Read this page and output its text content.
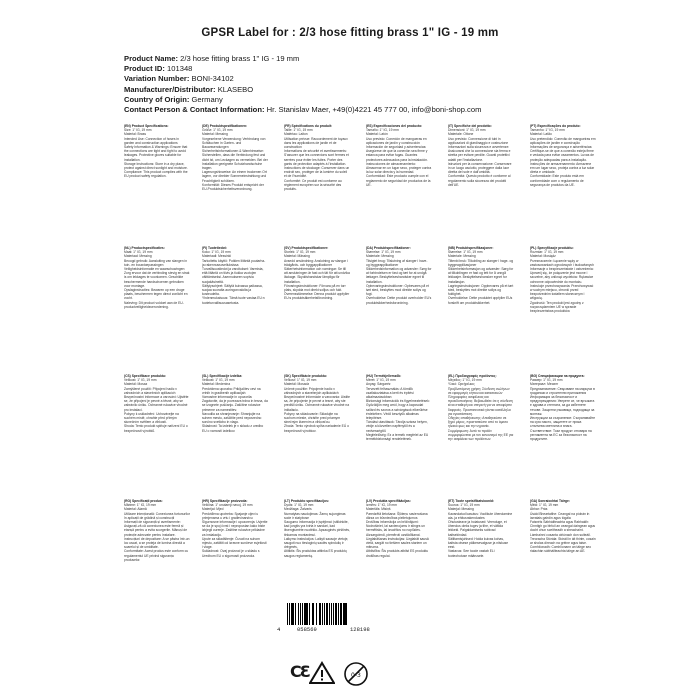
GPSR Label for : 2/3 hose fitting brass 1" IG - 19 mm
Product Name: 2/3 hose fitting brass 1" IG - 19 mm
Product ID: 101348
Variation Number: BONI-34102
Manufacturer/Distributor: KLASEBO
Country of Origin: Germany
Contact Person & Contact Information: Hr. Stanislav Maer, +49(0)4221 45 777 00, info@boni-shop.com
(EN) Product Specifications:

Size: 1" IG, 19 mm
Material: Brass
Intended Use: Connection of hoses in garden and construction applications
Safety Information & Warnings: Ensure that the connections are tight and tight to avoid leakages. Protective gloves suitable for installation.
Storage Instructions: Store in a dry place, protect against direct sunlight and moisture.
Compliance: This product complies with the EU product safety regulation.

(DE) Produktspezifikationen:

Größe: 1" IG, 19 mm
Material: Messing
Vorgesehene Verwendung: Verbindung von Schläuchen in Garten- und Bauanwendungen
Sicherheitsinformationen & Warnhinweise: Sicherstellen, dass die Verbindung fest und dicht ist, um Leckagen zu vermeiden. Bei der Installation geeignete Schutzhandschuhe tragen.
Lagerungshinweise: An einem trockenen Ort lagern, vor direkter Sonneneinstrahlung und Feuchtigkeit schützen.
Konformität: Dieses Produkt entspricht der EU-Produktsicherheitsverordnung.

(FR) Spécifications du produit:

Taille: 1" IG, 19 mm
Matériau: Laiton
Utilisation prévue: Raccordement de tuyaux dans les applications de jardin et de construction
Informations de sécurité et avertissements: S'assurer que les connexions sont fermes et serrées pour éviter les fuites. Porter des gants de protection adaptés à l'installation.
Instructions de stockage: Conserver dans un endroit sec, protéger de la lumière du soleil et de l'humidité.
Conformité: Ce produit est conforme au règlement européen sur la sécurité des produits.

(ES) Especificaciones del producto:

Tamaño: 1" IG, 19 mm
Material: Latón
Uso previsto: Conexión de mangueras en aplicaciones de jardín y construcción
Información de seguridad y advertencias: Asegúrese de que la conexión sea firme y estanca para evitar fugas. Guantes protectores adecuados para la instalación.
Instrucciones de almacenamiento: Almacenar en un lugar seco, proteger contra la luz solar directa y la humedad.
Conformidad: Este producto cumple con el reglamento de seguridad de productos de la UE.

(IT) Specifiche del prodotto:

Dimensioni: 1" IG, 19 mm
Materiale: Ottone
Uso previsto: Connessione di tubi in applicazioni di giardinaggio e costruzione
Informazioni sulla sicurezza e avvertenze: Assicurarsi che la connessione sia ferma e stretta per evitare perdite. Guanti protettivi adatti per l'installazione.
Istruzioni per la conservazione: Conservare in un luogo asciutto, proteggere dalla luce diretta del sole e dall'umidità.
Conformità: Questo prodotto è conforme al regolamento sulla sicurezza dei prodotti dell'UE.

(PT) Especificações do produto:

Tamanho: 1" IG, 19 mm
Material: Latão
Uso pretendido: Conexão de mangueiras em aplicações de jardim e construção
Informações de segurança e advertências: Certifique-se de que a conexão esteja firme e vedada para evitar vazamentos. Luvas de proteção adequadas para a instalação.
Instruções de armazenamento: Armazene em um lugar seco, proteja contra a luz solar direta e umidade.
Conformidade: Este produto está em conformidade com o regulamento de segurança de produtos da UE.

(NL) Productspecificaties:

Maat: 1" IG, 19 mm
Materiaal: Messing
Beoogd gebruik: Aansluiting van slangen in tuin- en bouwtoepassingen
Veiligheidsinformatie en waarschuwingen: Zorg ervoor dat de verbinding stevig en strak is om lekkages te voorkomen. Geschikte beschermende handschoenen gebruiken voor montage.
Opslaginstructies: Bewaren op een droge plaats, beschermen tegen direct zonlicht en vocht.
Naleving: Dit product voldoet aan de EU-productveiligheidsverordening.

(FI) Tuotetiedot:

Koko: 1" IG, 19 mm
Materiaali: Messinki
Tarkoitettu käyttö: Putkien liitäntä puutarha- ja rakennussovelluksissa
Turvallisuustiedot ja varoitukset: Varmista, että liitäntä on tiivis ja tiukka vuotojen välttämiseksi. Asennukseen sopivia suojakäsineitä.
Säilytysohjeet: Säilytä kuivassa paikassa, suojaa suoralta auringonvalolta ja kosteudelta.
Yhdenmukaisuus: Tämä tuote vastaa EU:n tuoteturvallisuusasetusta.

(SV) Produktspecifikationer:

Storlek: 1" IG, 19 mm
Material: Mässing
Avsedd användning: Anslutning av slangar i trädgårds- och byggapplikationer
Säkerhetsinformation och varningar: Se till att anslutningen är fast och tät för att undvika läckage. Skyddshandskar lämpliga för installation.
Förvaringsinstruktioner: Förvara på en torr plats, skydda mot direkt solljus och fukt.
Överensstämmelse: Denna produkt uppfyller EU:s produktsäkerhetsförordning.

(DA) Produktspecifikationer:

Størrelse: 1" IG, 19 mm
Materiale: Messing
Tilsigtet brug: Tilslutning af slanger i have- og byggeapplikationer
Sikkerhedsinformation og advarsler: Sørg for at forbindelsen er fast og tæt for at undgå lækager. Beskyttelseshandsker egnet til installation.
Opbevaringsinstruktioner: Opbevares på et tørt sted, beskyttes mod direkte sollys og fugt.
Overholdelse: Dette produkt overholder EU's produktsikkerhedsforordning.

(NB) Produktspesifikasjoner:

Størrelse: 1" IG, 19 mm
Materiale: Messing
Tiltenkt bruk: Tilkobling av slanger i hage- og byggeapplikasjoner
Sikkerhetsinformasjon og advarsler: Sørg for at tilkoblingen er fast og tett for å unngå lekkasjer. Beskyttelseshansker egnet for installasjon.
Lagringsinstruksjoner: Oppbevares på et tørt sted, beskyttes mot direkte sollys og fuktighet.
Overholdelse: Dette produktet oppfyller EUs forskrift om produktsikkerhet.

(PL) Specyfikacje produktu:

Rozmiar: 1" IG, 19 mm
Materiał: Mosiądz
Przeznaczenie: Łączenie węży w zastosowaniach ogrodowych i budowlanych
Informacje o bezpieczeństwie i ostrzeżenia: Upewnij się, że połączenie jest mocne i szczelne, aby uniknąć wycieków. Rękawice ochronne odpowiednie do montażu.
Instrukcje przechowywania: Przechowywać w suchym miejscu, chronić przed bezpośrednim światłem słonecznym i wilgocią.
Zgodność: Ten produkt jest zgodny z rozporządzeniem UE w sprawie bezpieczeństwa produktów.

(CS) Specifikace produktu:

Velikost: 1" IG, 19 mm
Materiál: Mosaz
Zamýšlené použití: Připojení hadic v zahradních a stavebních aplikacích
Bezpečnostní informace a varování: Ujistěte se, že připojení je pevné a těsné, aby se zabránilo úniku. Ochranné rukavice vhodné pro instalaci.
Pokyny k uskladnění: Uchovávejte na suchém místě, chraňte před přímým slunečním světlem a vlhkostí.
Shoda: Tento produkt splňuje nařízení EU o bezpečnosti výrobků.

(SL) Specifikacije izdelka:

Velikost: 1" IG, 19 mm
Material: Medenina
Predvidena uporaba: Priključitev cevi na vrtnih in gradbenih aplikacijah
Varnostne informacije in opozorila: Zagotovite, da je povezava trdna in tesna, da se izognete puščanju. Zaščitne rokavice primerne za namestitev.
Navodila za shranjevanje: Shranjujte na suhem mestu, zaščitite pred neposredno sončno svetlobo in vlago.
Skladnost: Ta izdelek je v skladu z uredbo EU o varnosti izdelkov.

(SK) Špecifikácie produktu:

Veľkosť: 1" IG, 19 mm
Materiál: Mosadz
Určené použitie: Pripojenie hadíc v záhradných a stavebných aplikáciách
Bezpečnostné informácie a varovania: Uistite sa, že pripojenie je pevné a tesné, aby ste predišli úniku. Ochranné rukavice vhodné na inštaláciu.
Pokyny na skladovanie: Skladujte na suchom mieste, chráňte pred priamym slnečným žiarením a vlhkosťou.
Zhoda: Tento výrobok spĺňa nariadenie EÚ o bezpečnosti výrobkov.

(HU) Termékjellemzők:

Méret: 1" IG, 19 mm
Anyag: Sárgaréz
Tervezett felhasználás: A tömlők csatlakoztatása a kerti és építési alkalmazásokban
Biztonsági információk és figyelmeztetések: Győződjön meg arról, hogy a kapcsolat szilárd és szoros a szivárgások elkerülése érdekében. Védő kesztyűk alkalmas telepítésre.
Tárolási utasítások: Tárolja száraz helyen, védje a közvetlen napfénytől és a nedvességtől.
Megfelelőség: Ez a termék megfelel az EU termékbiztonsági rendeletének.

(EL) Προδιαγραφές προϊόντος:

Μέγεθος: 1" IG, 19 mm
Υλικό: Ορείχαλκος
Προβλεπόμενη χρήση: Σύνδεση σωλήνων σε εφαρμογές κήπου και κατασκευών
Πληροφορίες ασφάλειας και προειδοποιήσεις: Βεβαιωθείτε ότι η σύνδεση είναι σταθερή και στεγανή για να αποφύγετε διαρροές. Προστατευτικά γάντια κατάλληλα για εγκατάσταση.
Οδηγίες αποθήκευσης: Αποθηκεύστε σε ξηρό μέρος, προστατεύστε από το άμεσο ηλιακό φως και την υγρασία.
Συμμόρφωση: Αυτό το προϊόν συμμορφώνεται με τον κανονισμό της ΕΕ για την ασφάλεια των προϊόντων.

(BG) Спецификации на продукта:

Размер: 1" IG, 19 mm
Материал: Месинг
Предназначение: Свързване на маркучи в градински и строителни приложения
Информация за безопасност и предупреждения: Уверете се, че връзката е здрава и стегната, за да избегнете течове. Защитни ръкавици, подходящи за монтаж.
Инструкции за съхранение: Съхранявайте на сухо място, защитете от пряка слънчева светлина и влага.
Съответствие: Този продукт отговаря на регламента на ЕС за безопасност на продуктите.

(RO) Specificații produs:

Mărime: 1" IG, 19 mm
Material: Alamă
Utilizare intenționată: Conexiunea furtunurilor în aplicații de grădină și construcții
Informații de siguranță și avertismente: Asigurați-vă că conexiunea este fermă și etanșă pentru a evita scurgerile. Mănuși de protecție adecvate pentru instalare.
Instrucțiuni de depozitare: A se păstra într-un loc uscat, a se proteja de lumina directă a soarelui și de umiditate.
Conformitate: Acest produs este conform cu regulamentul UE privind siguranța produselor.

(HR) Specifikacije proizvoda:

Veličina: 1" unutarnji navoj, 19 mm
Materijal: Mjed
Predviđena upotreba: Spajanje cijevi u primjenama u vrtu i građevinarstvu
Sigurnosne informacije i upozorenja: Uvjerite se da je spoj čvrst i nepropustan kako biste izbjegli curenje. Zaštitne rukavice prikladne za instalaciju.
Upute za skladištenje: Čuvati na suhom mjestu, zaštititi od izravne sunčeve svjetlosti i vlage.
Sukladnost: Ovaj proizvod je u skladu s Uredbom EU o sigurnosti proizvoda.

(LT) Produkto specifikacijos:

Dydis: 1" IG, 19 mm
Medžiaga: Žalvaris
Numatytas naudojimas: Žarnų sujungimas sode ir statybose
Saugumo informacija ir įspėjimai: Įsitikinkite, kad jungtis yra tvirta ir sandari, kad išvengtumėte nuotėkio. Apsauginės pirštinės, tinkamos montavimui.
Laikymo instrukcijos: Laikyti sausoje vietoje, saugoti nuo tiesioginių saulės spindulių ir drėgmės.
Atitiktis: Šis produktas atitinka ES produktų saugos reglamentą.

(LV) Produkta specifikācijas:

Izmērs: 1" IG, 19 mm
Materiāls: Misiņš
Paredzētā lietošana: Šļūteņu savienošana dārza un būvniecības pielietojumos
Drošības informācija un brīdinājumi: Nodrošiniet, lai savienojums ir stingrs un hermētisks, lai izvairītos no noplūdes. Aizsargcimdi, piemēroti uzstādīšanai.
Uzglabāšanas instrukcijas: Uzglabāt sausā vietā, sargāt no tiešiem saules stariem un mitruma.
Atbilstība: Šis produkts atbilst ES produktu drošības regulai.

(ET) Toote spetsifikatsioonid:

Suurus: 1" IG, 19 mm
Materjal: Messing
Kavandatud kasutus: Voolikute ühendamine aia- ja ehitusrakendustes
Ohutusteave ja hoiatused: Veenduge, et ühendus oleks tugev ja tihe, et vältida lekkeid. Paigaldamiseks sobivad kaitsekindad.
Säilitamisjuhised: Hoida kuivas kohas, kaitsta otsese päikesevalguse ja niiskuse eest.
Vastavus: See toode vastab ELi tooteohutuse määrusele.

(GA) Sonraíochtaí Táirge:

Méid: 1" IG, 19 mm
Ábhar: Prás
Úsáid Bheartaithe: Ceangal na píobán in iarratais gairdín agus tógála
Faisnéis Sábháilteachta agus Rabhaidh: Cinntigh go bhfuil an ceangal daingean agus docht chun sceitheadh a sheachaint. Lámhainní cosanta oiriúnach don suiteáil.
Treoracha Stórála: Stóráil in áit thirim, cosain ar sholas díreach na gréine agus taise.
Comhlíonadh: Comhlíonann an táirge seo rialachán sábháilteachta táirge an AE.

4	058569	128198
CƐ	0-3
